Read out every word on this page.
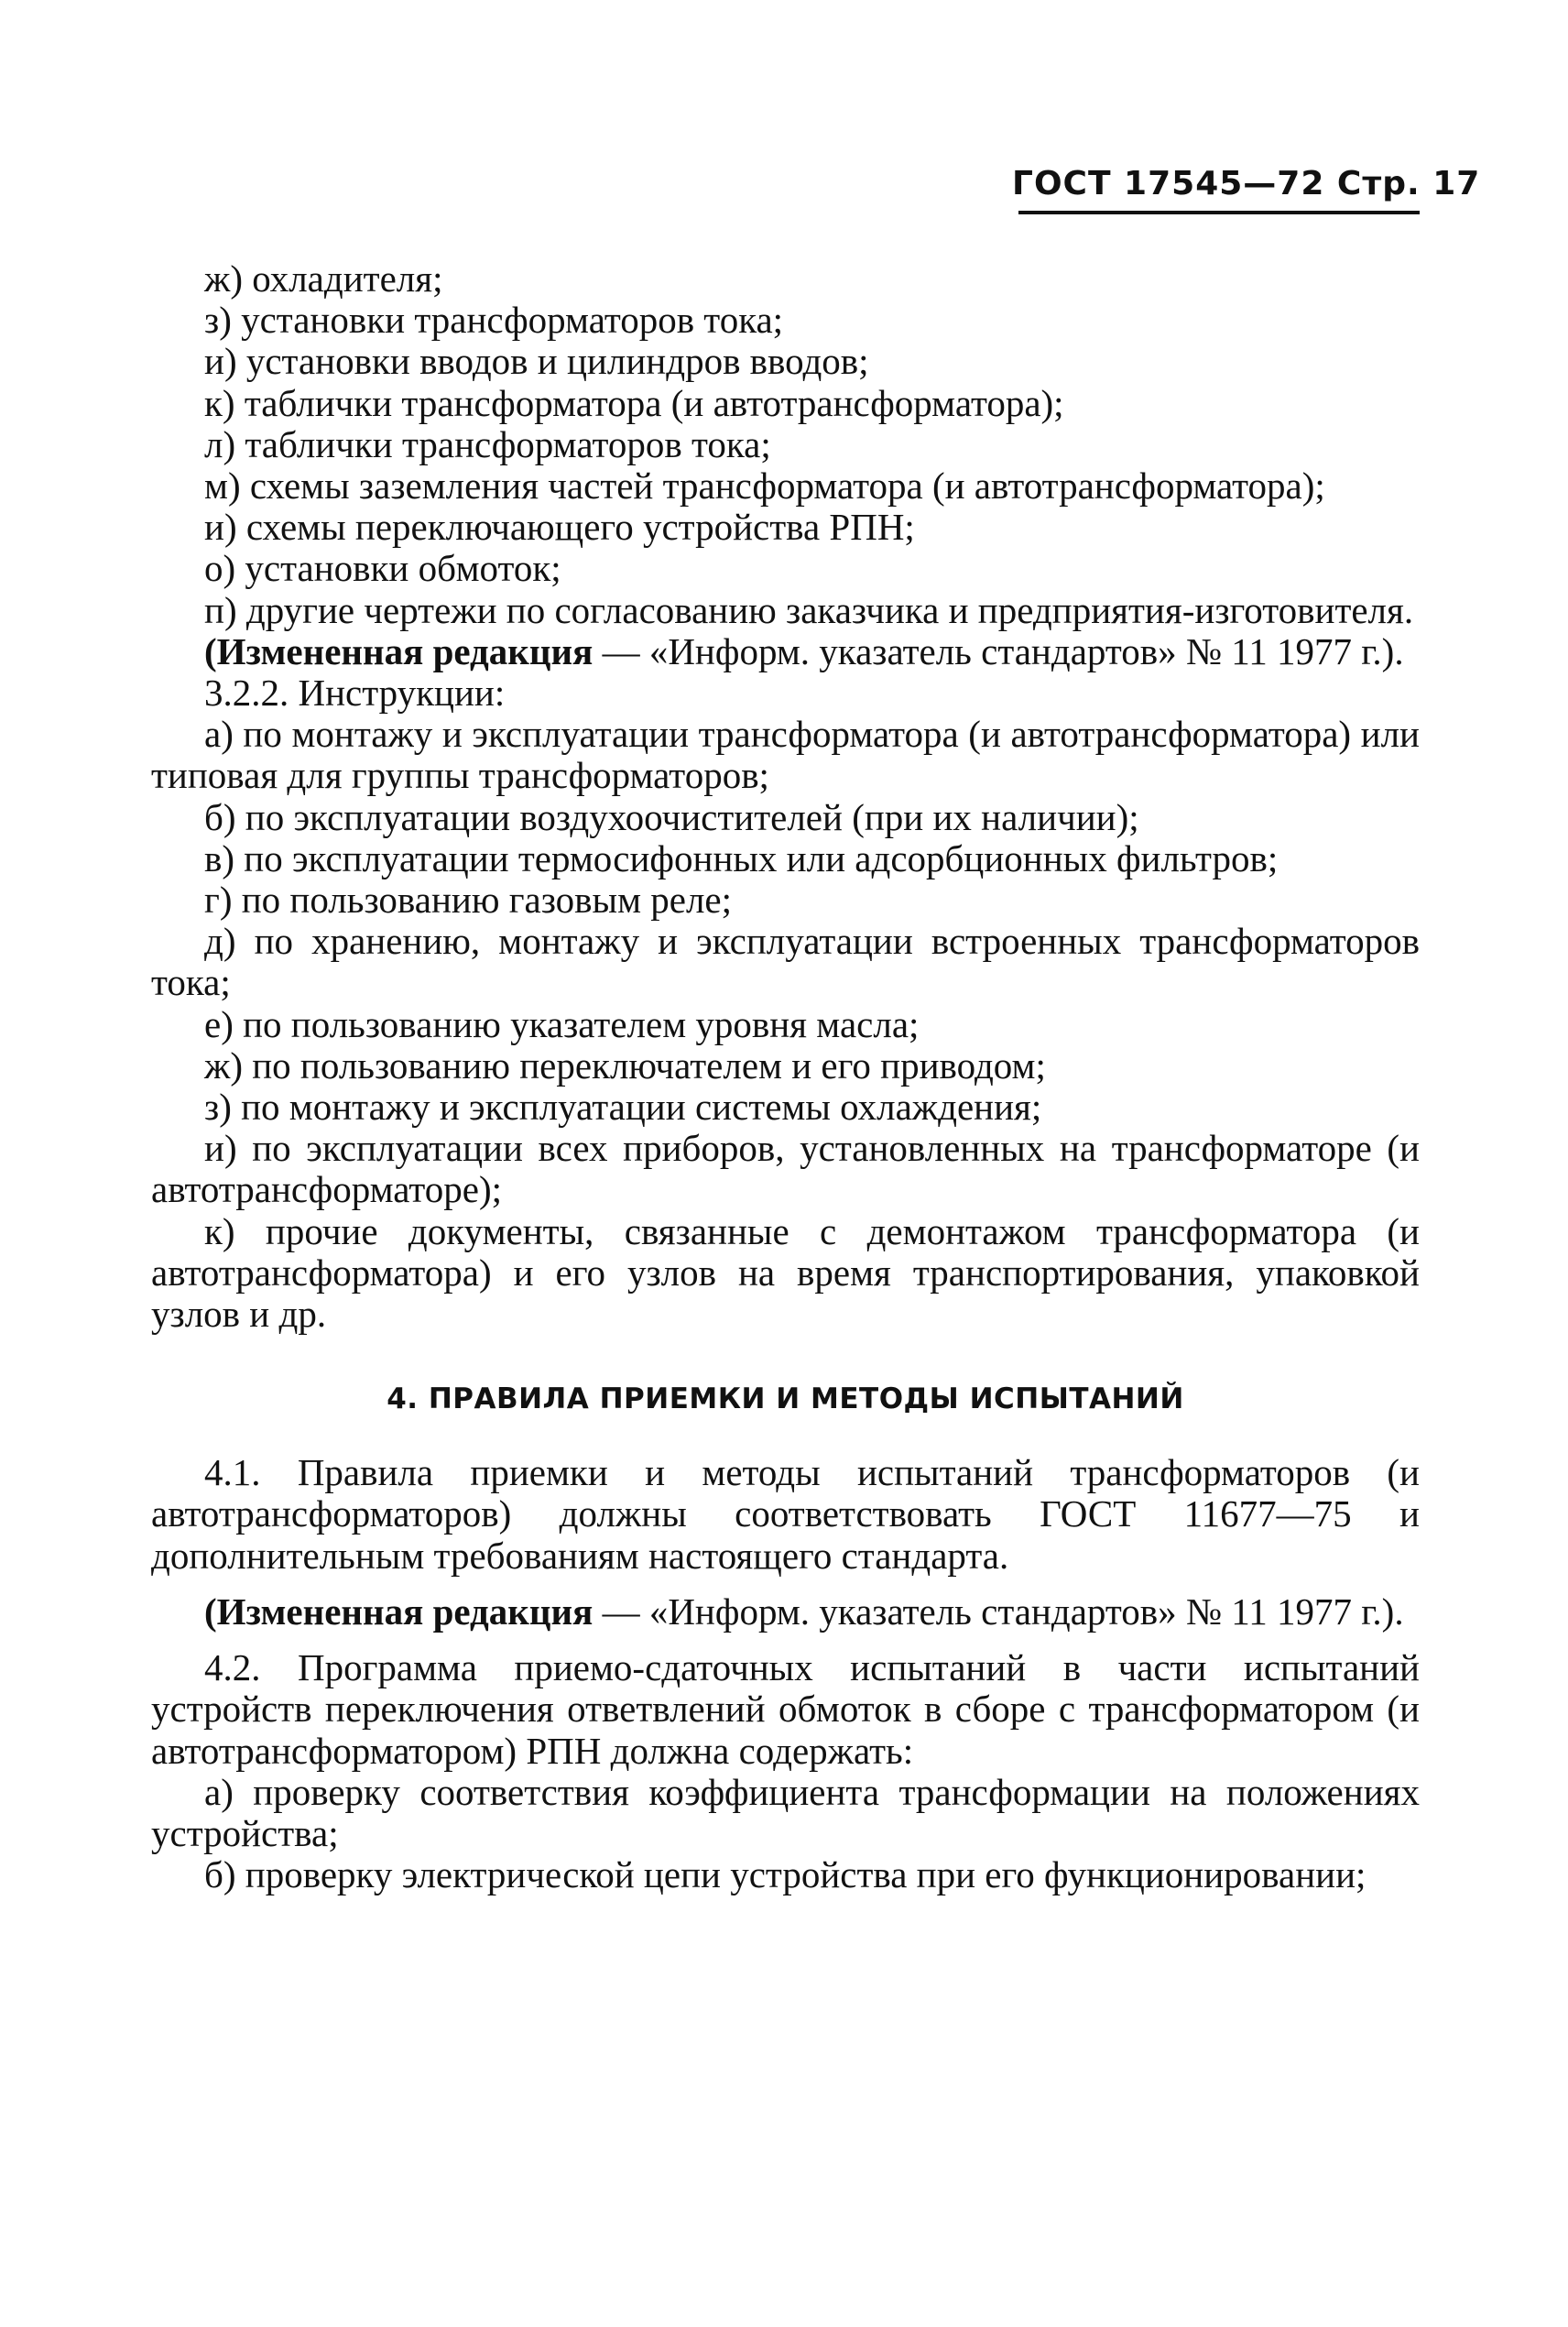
ГОСТ 17545—72 Стр. 17

ж) охладителя;

з) установки трансформаторов тока;

и) установки вводов и цилиндров вводов;

к) таблички трансформатора (и автотрансформатора);

л) таблички трансформаторов тока;

м) схемы заземления частей трансформатора (и автотрансформатора);

и) схемы переключающего устройства РПН;

о) установки обмоток;

п) другие чертежи по согласованию заказчика и предприятия-изготовителя.

(Измененная редакция — «Информ. указатель стандартов» № 11 1977 г.).

3.2.2. Инструкции:

а) по монтажу и эксплуатации трансформатора (и автотрансформатора) или типовая для группы трансформаторов;

б) по эксплуатации воздухоочистителей (при их наличии);

в) по эксплуатации термосифонных или адсорбционных фильтров;

г) по пользованию газовым реле;

д) по хранению, монтажу и эксплуатации встроенных трансформаторов тока;

е) по пользованию указателем уровня масла;

ж) по пользованию переключателем и его приводом;

з) по монтажу и эксплуатации системы охлаждения;

и) по эксплуатации всех приборов, установленных на трансформаторе (и автотрансформаторе);

к) прочие документы, связанные с демонтажом трансформатора (и автотрансформатора) и его узлов на время транспортирования, упаковкой узлов и др.

4. ПРАВИЛА ПРИЕМКИ И МЕТОДЫ ИСПЫТАНИЙ

4.1. Правила приемки и методы испытаний трансформаторов (и автотрансформаторов) должны соответствовать ГОСТ 11677—75 и дополнительным требованиям настоящего стандарта.

(Измененная редакция — «Информ. указатель стандартов» № 11 1977 г.).

4.2. Программа приемо-сдаточных испытаний в части испытаний устройств переключения ответвлений обмоток в сборе с трансформатором (и автотрансформатором) РПН должна содержать:

а) проверку соответствия коэффициента трансформации на положениях устройства;

б) проверку электрической цепи устройства при его функционировании;
